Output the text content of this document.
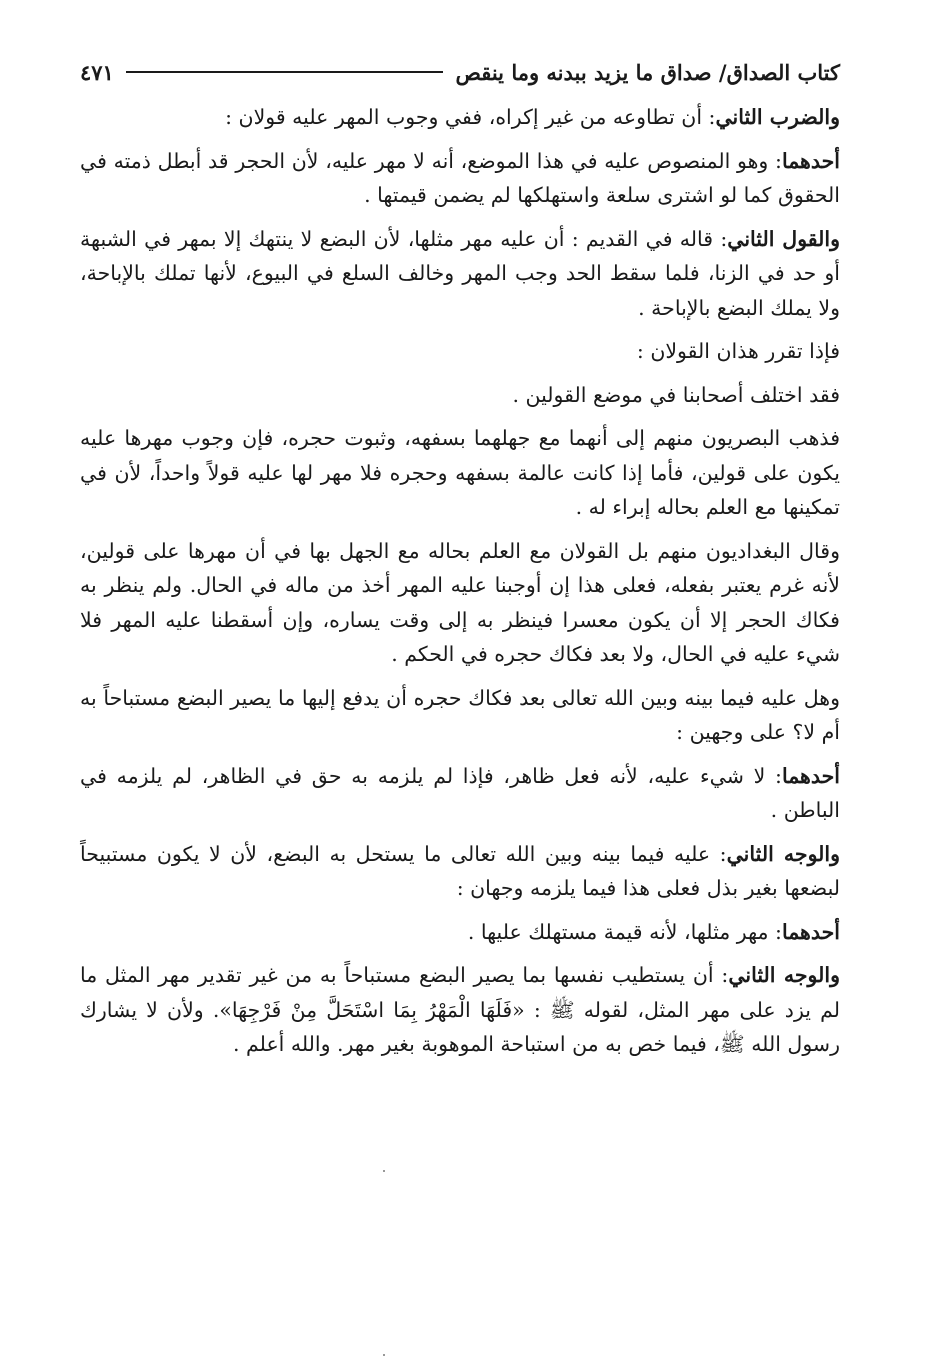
كتاب الصداق/ صداق ما يزيد ببدنه وما ينقص
٤٧١

والضرب الثاني: أن تطاوعه من غير إكراه، ففي وجوب المهر عليه قولان :

أحدهما: وهو المنصوص عليه في هذا الموضع، أنه لا مهر عليه، لأن الحجر قد أبطل ذمته في الحقوق كما لو اشترى سلعة واستهلكها لم يضمن قيمتها .

والقول الثاني: قاله في القديم : أن عليه مهر مثلها، لأن البضع لا ينتهك إلا بمهر في الشبهة أو حد في الزنا، فلما سقط الحد وجب المهر وخالف السلع في البيوع، لأنها تملك بالإباحة، ولا يملك البضع بالإباحة .

فإذا تقرر هذان القولان :

فقد اختلف أصحابنا في موضع القولين .

فذهب البصريون منهم إلى أنهما مع جهلهما بسفهه، وثبوت حجره، فإن وجوب مهرها عليه يكون على قولين، فأما إذا كانت عالمة بسفهه وحجره فلا مهر لها عليه قولاً واحداً، لأن في تمكينها مع العلم بحاله إبراء له .

وقال البغداديون منهم بل القولان مع العلم بحاله مع الجهل بها في أن مهرها على قولين، لأنه غرم يعتبر بفعله، فعلى هذا إن أوجبنا عليه المهر أخذ من ماله في الحال. ولم ينظر به فكاك الحجر إلا أن يكون معسرا فينظر به إلى وقت يساره، وإن أسقطنا عليه المهر فلا شيء عليه في الحال، ولا بعد فكاك حجره في الحكم .

وهل عليه فيما بينه وبين الله تعالى بعد فكاك حجره أن يدفع إليها ما يصير البضع مستباحاً به أم لا؟ على وجهين :

أحدهما: لا شيء عليه، لأنه فعل ظاهر، فإذا لم يلزمه به حق في الظاهر، لم يلزمه في الباطن .

والوجه الثاني: عليه فيما بينه وبين الله تعالى ما يستحل به البضع، لأن لا يكون مستبيحاً لبضعها بغير بذل فعلى هذا فيما يلزمه وجهان :

أحدهما: مهر مثلها، لأنه قيمة مستهلك عليها .

والوجه الثاني: أن يستطيب نفسها بما يصير البضع مستباحاً به من غير تقدير مهر المثل ما لم يزد على مهر المثل، لقوله ﷺ : «فَلَهَا الْمَهْرُ بِمَا اسْتَحَلَّ مِنْ فَرْجِهَا». ولأن لا يشارك رسول الله ﷺ، فيما خص به من استباحة الموهوبة بغير مهر. والله أعلم .
